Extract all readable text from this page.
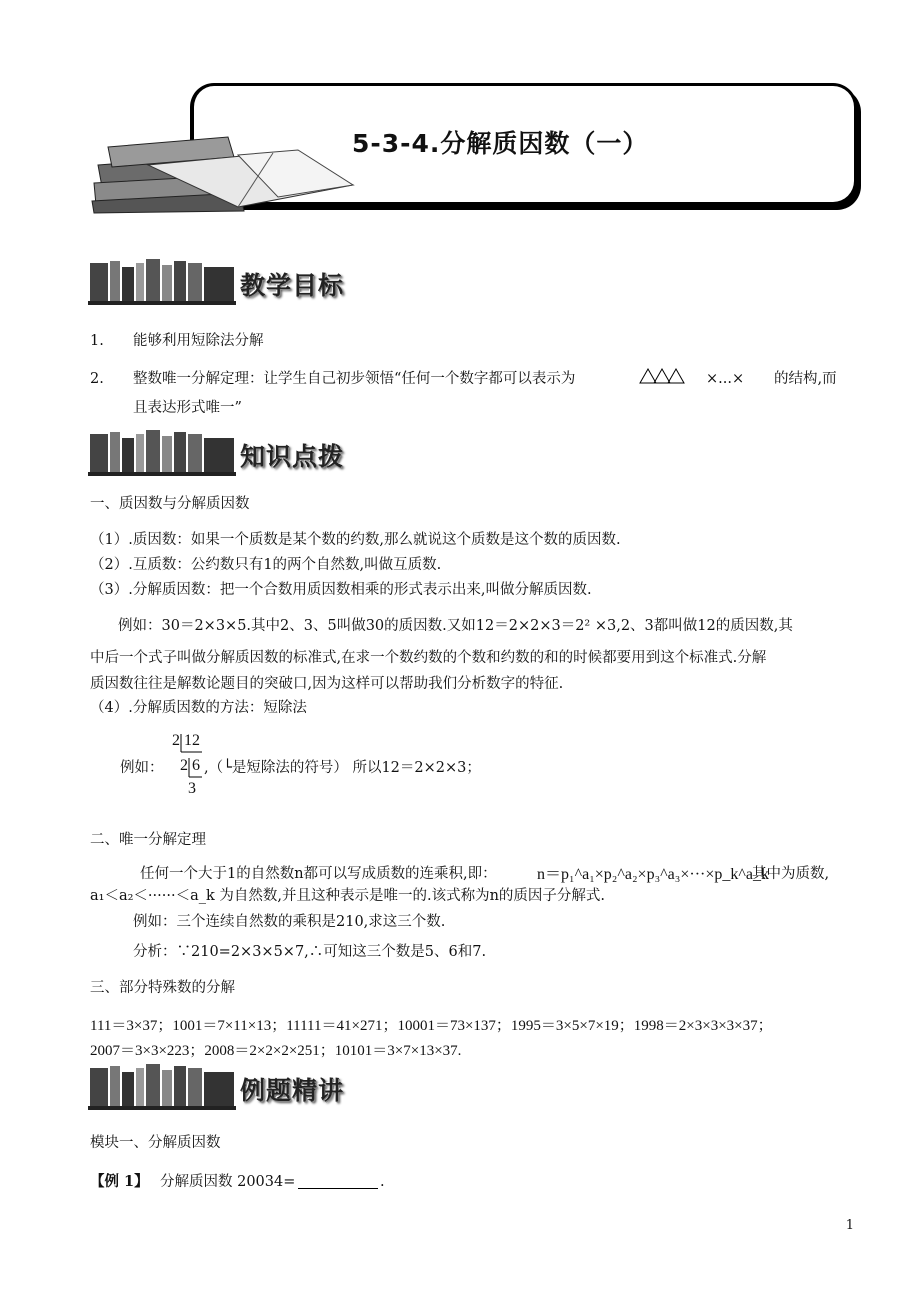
5-3-4.分解质因数（一）
教学目标
知识点拨
例题精讲
1. 能够利用短除法分解
2. 整数唯一分解定理：让学生自己初步领悟“任何一个数字都可以表示为	×...× 的结构,而
且表达形式唯一”
一、质因数与分解质因数
（1）.质因数：如果一个质数是某个数的约数,那么就说这个质数是这个数的质因数.
（2）.互质数：公约数只有1的两个自然数,叫做互质数.
（3）.分解质因数：把一个合数用质因数相乘的形式表示出来,叫做分解质因数.
例如：30＝2×3×5.其中2、3、5叫做30的质因数.又如12＝2×2×3＝2² ×3,2、3都叫做12的质因数,其
中后一个式子叫做分解质因数的标准式,在求一个数约数的个数和约数的和的时候都要用到这个标准式.分解
质因数往往是解数论题目的突破口,因为这样可以帮助我们分析数字的特征.
（4）.分解质因数的方法：短除法
例如：
2 12
2 6
3
,（└是短除法的符号） 所以12＝2×2×3；
二、唯一分解定理
任何一个大于1的自然数n都可以写成质数的连乘积,即：	n＝p₁^a₁×p₂^a₂×p₃^a₃×···×p_k^a_k
其中为质数,
a₁＜a₂＜······＜a_k 为自然数,并且这种表示是唯一的.该式称为n的质因子分解式.
例如：三个连续自然数的乘积是210,求这三个数.
分析：∵210=2×3×5×7,∴可知这三个数是5、6和7.
三、部分特殊数的分解
111＝3×37；1001＝7×11×13；11111＝41×271；10001＝73×137；1995＝3×5×7×19；1998＝2×3×3×3×37；
2007＝3×3×223；2008＝2×2×2×251；10101＝3×7×13×37.
模块一、分解质因数
【例 1】 分解质因数 20034=	.
1
